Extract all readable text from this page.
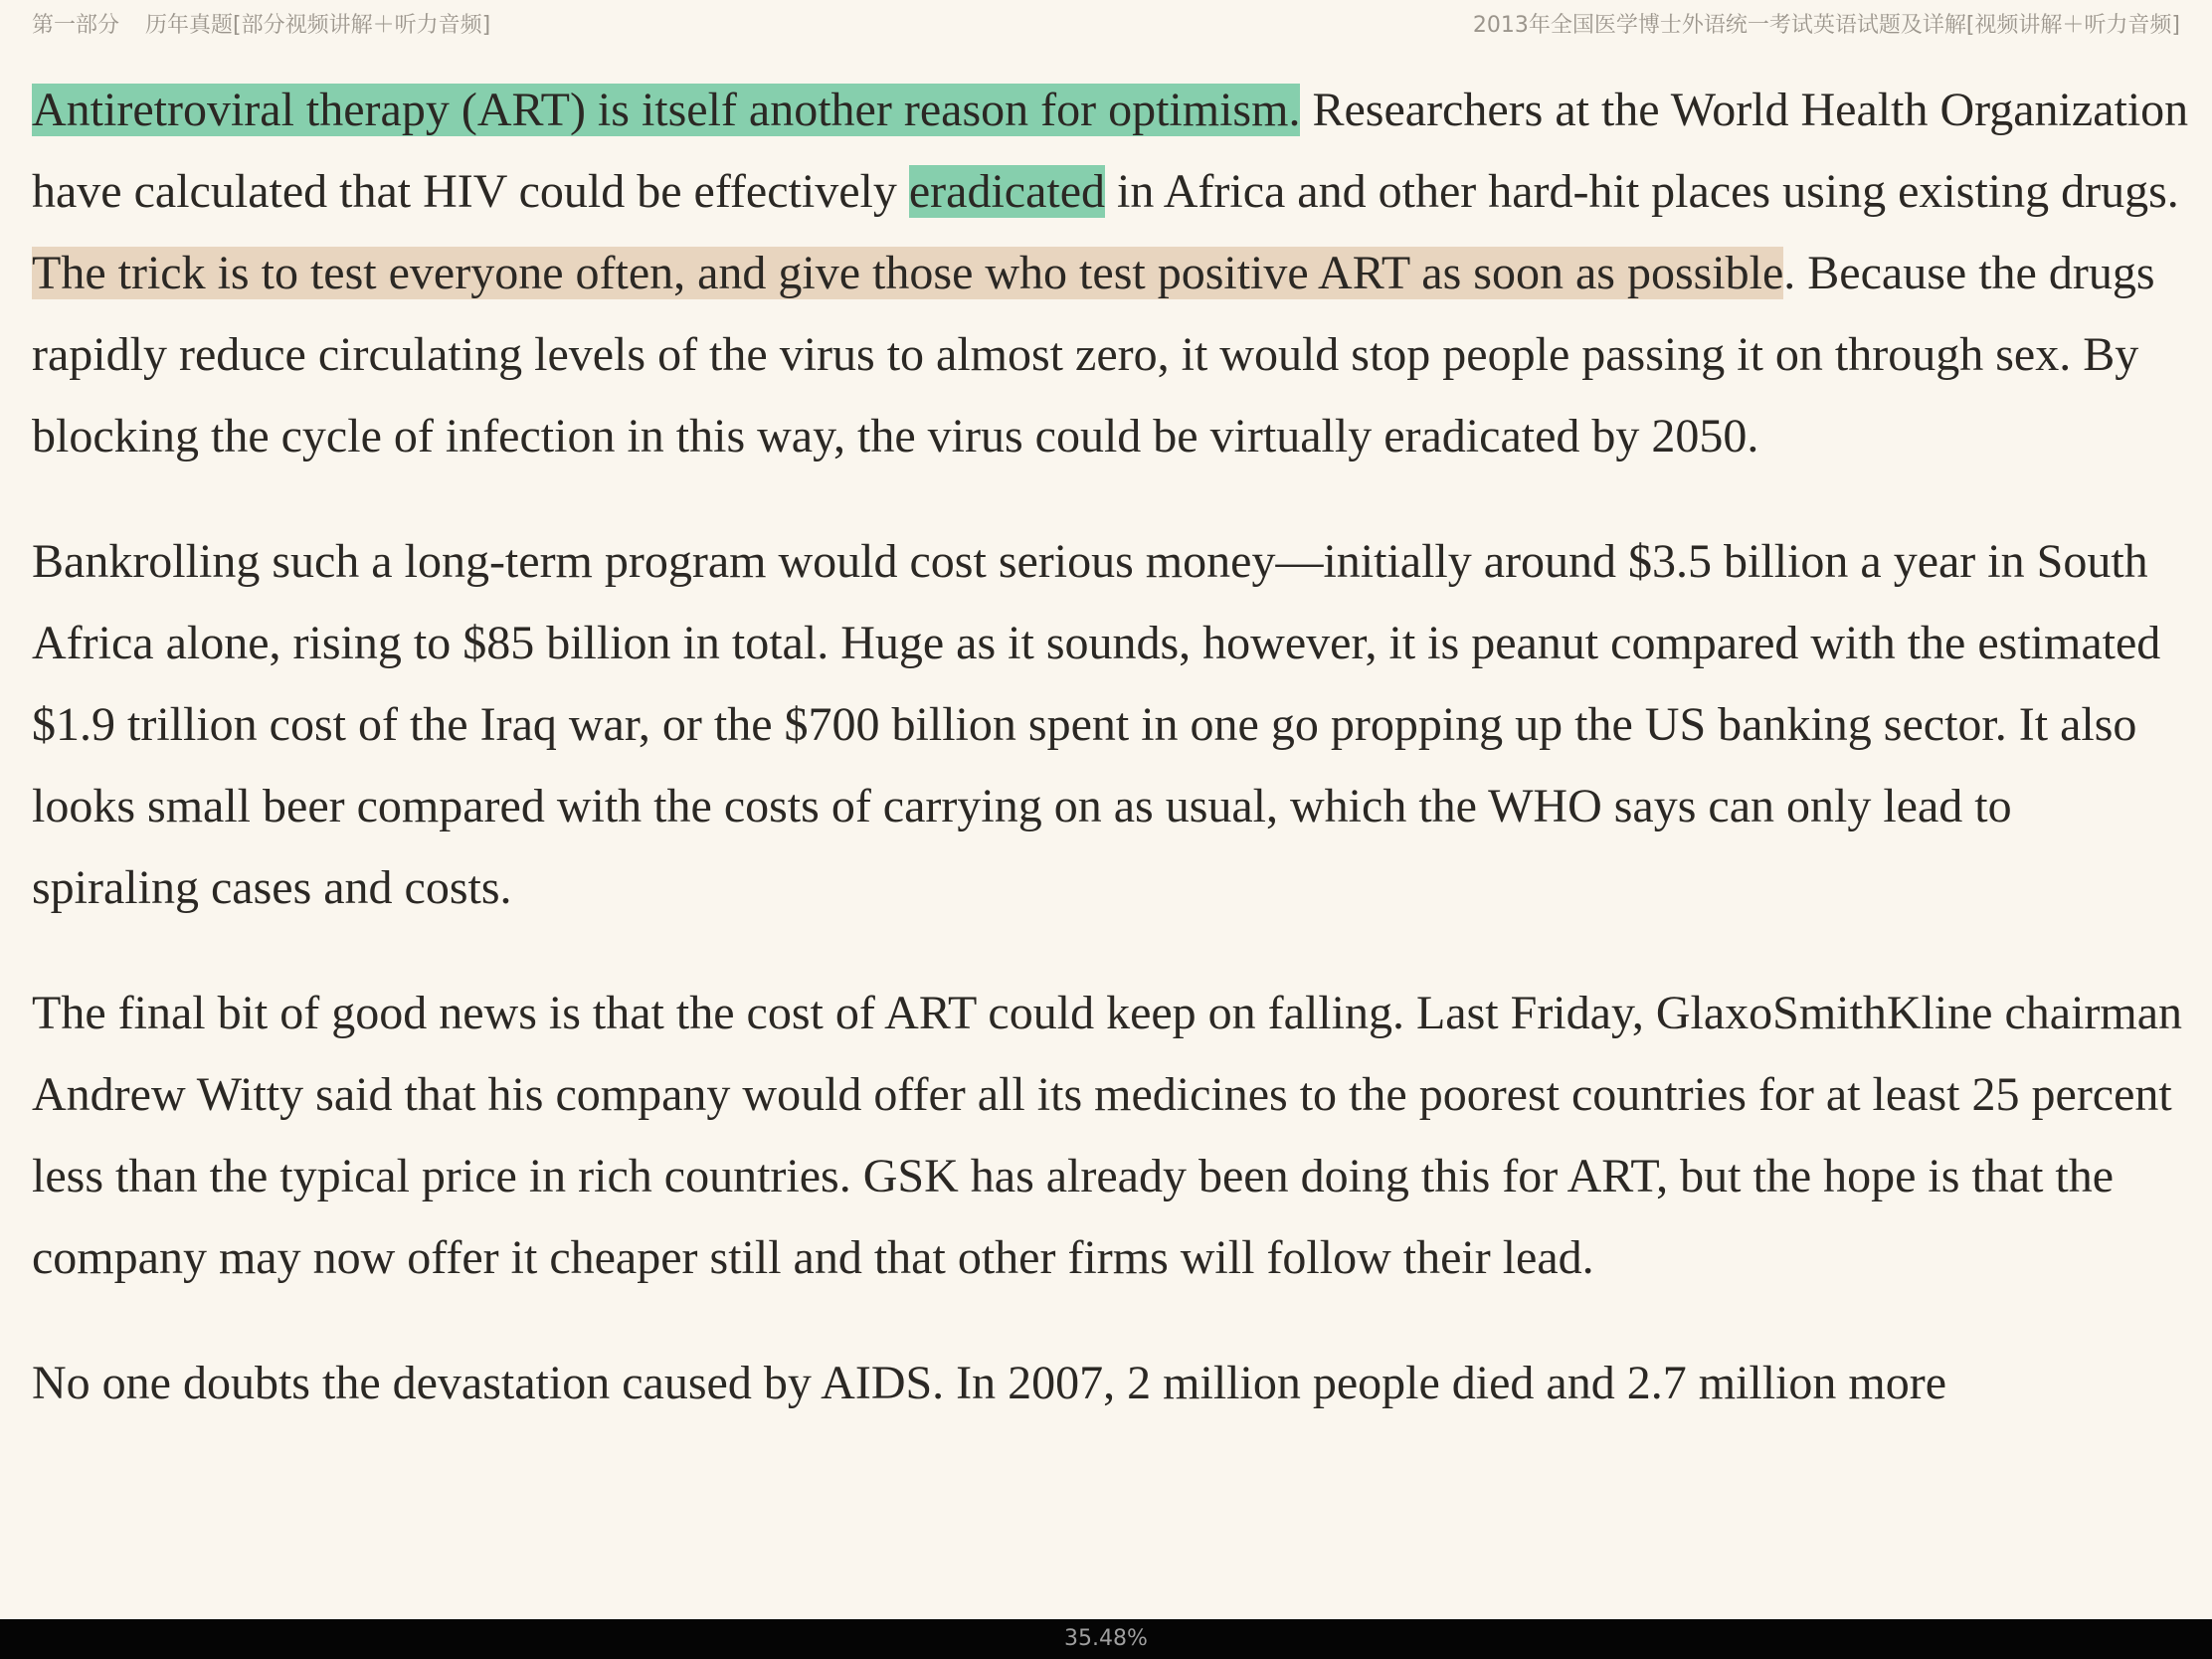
第一部分 历年真题[部分视频讲解＋听力音频]	2013年全国医学博士外语统一考试英语试题及详解[视频讲解＋听力音频]

Antiretroviral therapy (ART) is itself another reason for optimism. Researchers at the World Health Organization have calculated that HIV could be effectively eradicated in Africa and other hard-hit places using existing drugs. The trick is to test everyone often, and give those who test positive ART as soon as possible. Because the drugs rapidly reduce circulating levels of the virus to almost zero, it would stop people passing it on through sex. By blocking the cycle of infection in this way, the virus could be virtually eradicated by 2050.

Bankrolling such a long-term program would cost serious money—initially around $3.5 billion a year in South Africa alone, rising to $85 billion in total. Huge as it sounds, however, it is peanut compared with the estimated $1.9 trillion cost of the Iraq war, or the $700 billion spent in one go propping up the US banking sector. It also looks small beer compared with the costs of carrying on as usual, which the WHO says can only lead to spiraling cases and costs.

The final bit of good news is that the cost of ART could keep on falling. Last Friday, GlaxoSmithKline chairman Andrew Witty said that his company would offer all its medicines to the poorest countries for at least 25 percent less than the typical price in rich countries. GSK has already been doing this for ART, but the hope is that the company may now offer it cheaper still and that other firms will follow their lead.

No one doubts the devastation caused by AIDS. In 2007, 2 million people died and 2.7 million more

35.48%
